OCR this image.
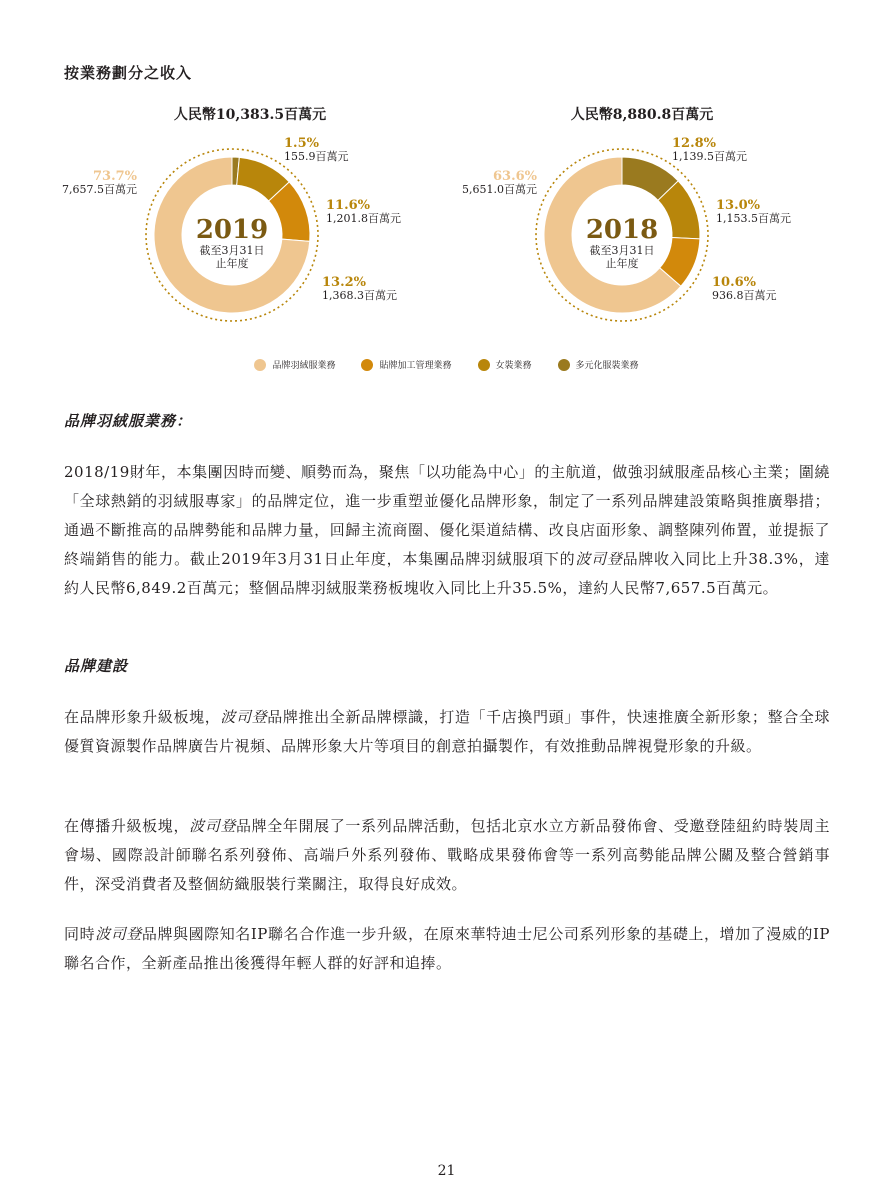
按業務劃分之收入
人民幣10,383.5百萬元
2019
截至3月31日
止年度
73.7%
7,657.5百萬元
1.5%
155.9百萬元
11.6%
1,201.8百萬元
13.2%
1,368.3百萬元
人民幣8,880.8百萬元
2018
截至3月31日
止年度
63.6%
5,651.0百萬元
12.8%
1,139.5百萬元
13.0%
1,153.5百萬元
10.6%
936.8百萬元
品牌羽絨服業務	貼牌加工管理業務	女裝業務	多元化服裝業務
品牌羽絨服業務：
2018/19財年，本集團因時而變、順勢而為，聚焦「以功能為中心」的主航道，做強羽絨服產品核心主業；圍繞「全球熱銷的羽絨服專家」的品牌定位，進一步重塑並優化品牌形象，制定了一系列品牌建設策略與推廣舉措；通過不斷推高的品牌勢能和品牌力量，回歸主流商圈、優化渠道結構、改良店面形象、調整陳列佈置，並提振了終端銷售的能力。截止2019年3月31日止年度，本集團品牌羽絨服項下的波司登品牌收入同比上升38.3%，達約人民幣6,849.2百萬元；整個品牌羽絨服業務板塊收入同比上升35.5%，達約人民幣7,657.5百萬元。
品牌建設
在品牌形象升級板塊，波司登品牌推出全新品牌標識，打造「千店換門頭」事件，快速推廣全新形象；整合全球優質資源製作品牌廣告片視頻、品牌形象大片等項目的創意拍攝製作，有效推動品牌視覺形象的升級。
在傳播升級板塊，波司登品牌全年開展了一系列品牌活動，包括北京水立方新品發佈會、受邀登陸紐約時裝周主會場、國際設計師聯名系列發佈、高端戶外系列發佈、戰略成果發佈會等一系列高勢能品牌公關及整合營銷事件，深受消費者及整個紡織服裝行業關注，取得良好成效。
同時波司登品牌與國際知名IP聯名合作進一步升級，在原來華特迪士尼公司系列形象的基礎上，增加了漫威的IP聯名合作，全新產品推出後獲得年輕人群的好評和追捧。
21
